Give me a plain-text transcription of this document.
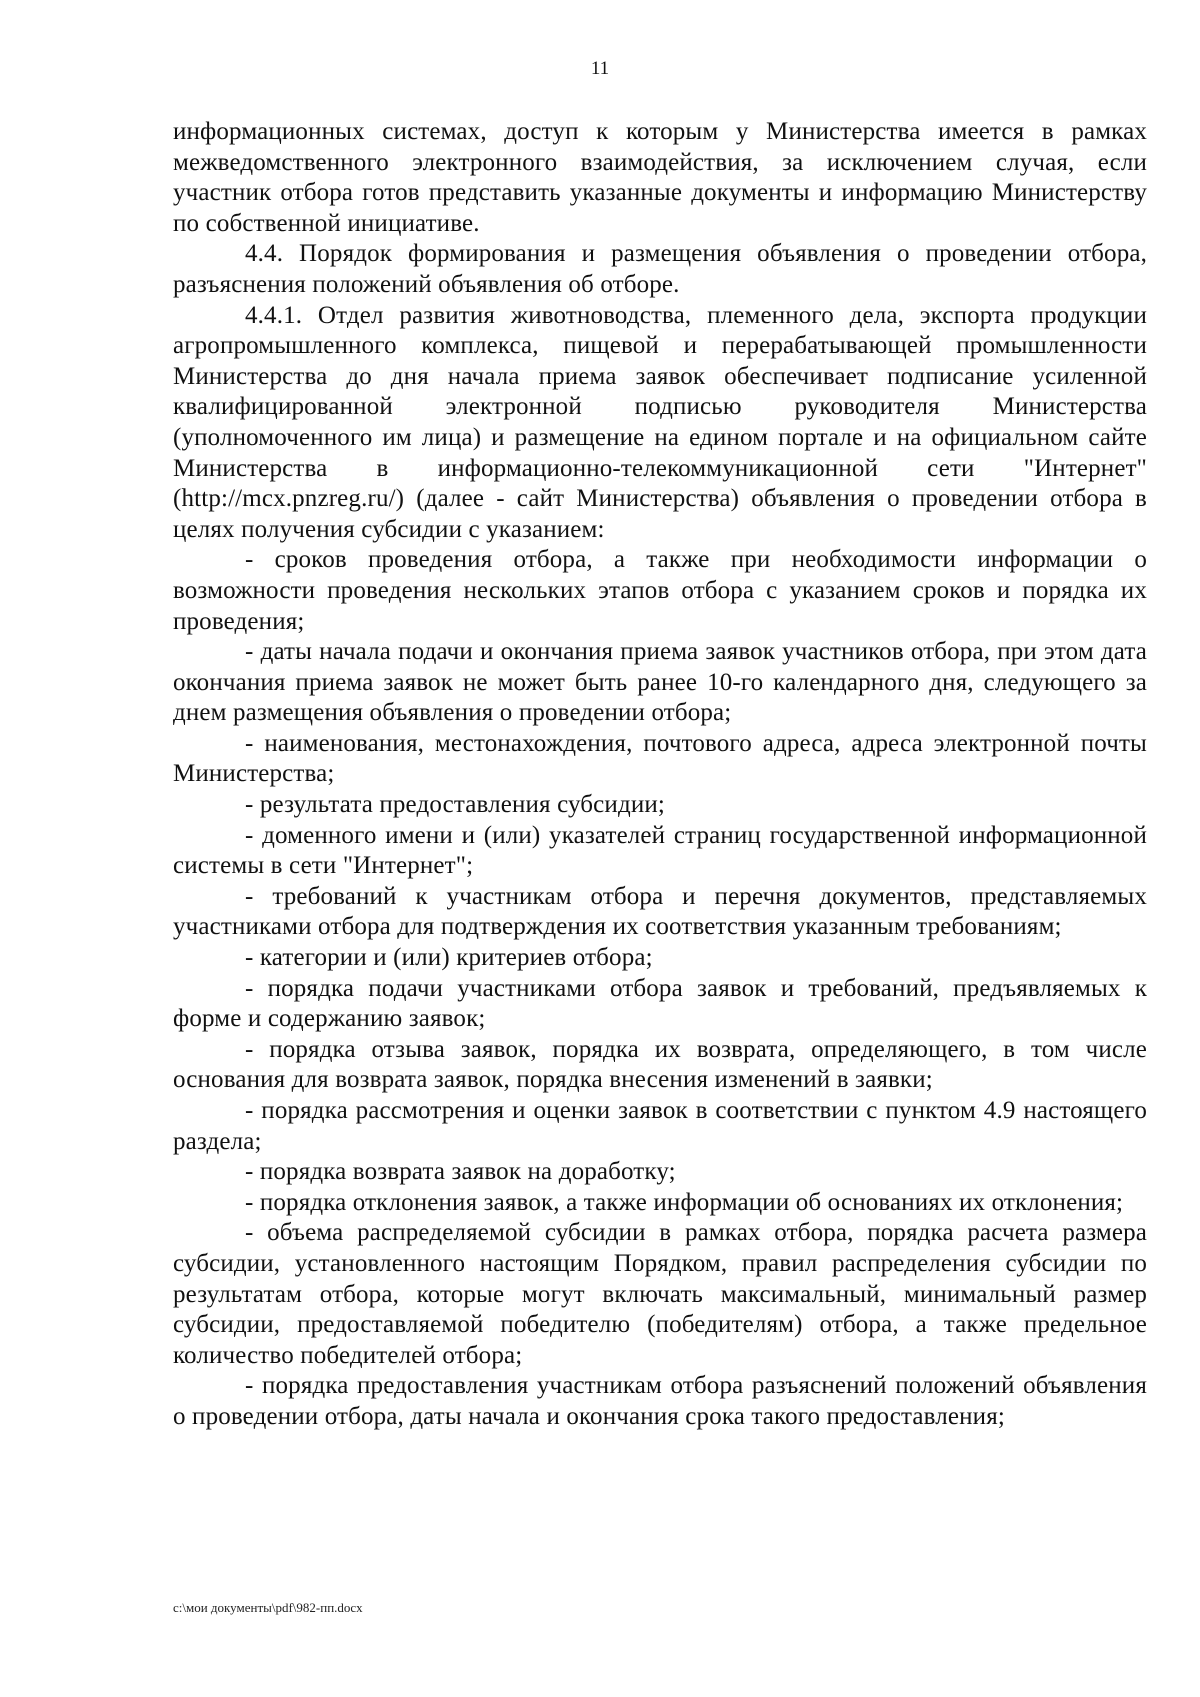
11

информационных системах, доступ к которым у Министерства имеется в рамках межведомственного электронного взаимодействия, за исключением случая, если участник отбора готов представить указанные документы и информацию Министерству по собственной инициативе.

4.4. Порядок формирования и размещения объявления о проведении отбора, разъяснения положений объявления об отборе.

4.4.1. Отдел развития животноводства, племенного дела, экспорта продукции агропромышленного комплекса, пищевой и перерабатывающей промышленности Министерства до дня начала приема заявок обеспечивает подписание усиленной квалифицированной электронной подписью руководителя Министерства (уполномоченного им лица) и размещение на едином портале и на официальном сайте Министерства в информационно-телекоммуникационной сети "Интернет" (http://mcx.pnzreg.ru/) (далее - сайт Министерства) объявления о проведении отбора в целях получения субсидии с указанием:

- сроков проведения отбора, а также при необходимости информации о возможности проведения нескольких этапов отбора с указанием сроков и порядка их проведения;

- даты начала подачи и окончания приема заявок участников отбора, при этом дата окончания приема заявок не может быть ранее 10-го календарного дня, следующего за днем размещения объявления о проведении отбора;

- наименования, местонахождения, почтового адреса, адреса электронной почты Министерства;

- результата предоставления субсидии;

- доменного имени и (или) указателей страниц государственной информационной системы в сети "Интернет";

- требований к участникам отбора и перечня документов, представляемых участниками отбора для подтверждения их соответствия указанным требованиям;

- категории и (или) критериев отбора;

- порядка подачи участниками отбора заявок и требований, предъявляемых к форме и содержанию заявок;

- порядка отзыва заявок, порядка их возврата, определяющего, в том числе основания для возврата заявок, порядка внесения изменений в заявки;

- порядка рассмотрения и оценки заявок в соответствии с пунктом 4.9 настоящего раздела;

- порядка возврата заявок на доработку;

- порядка отклонения заявок, а также информации об основаниях их отклонения;

- объема распределяемой субсидии в рамках отбора, порядка расчета размера субсидии, установленного настоящим Порядком, правил распределения субсидии по результатам отбора, которые могут включать максимальный, минимальный размер субсидии, предоставляемой победителю (победителям) отбора, а также предельное количество победителей отбора;

- порядка предоставления участникам отбора разъяснений положений объявления о проведении отбора, даты начала и окончания срока такого предоставления;

c:\мои документы\pdf\982-пп.docx
